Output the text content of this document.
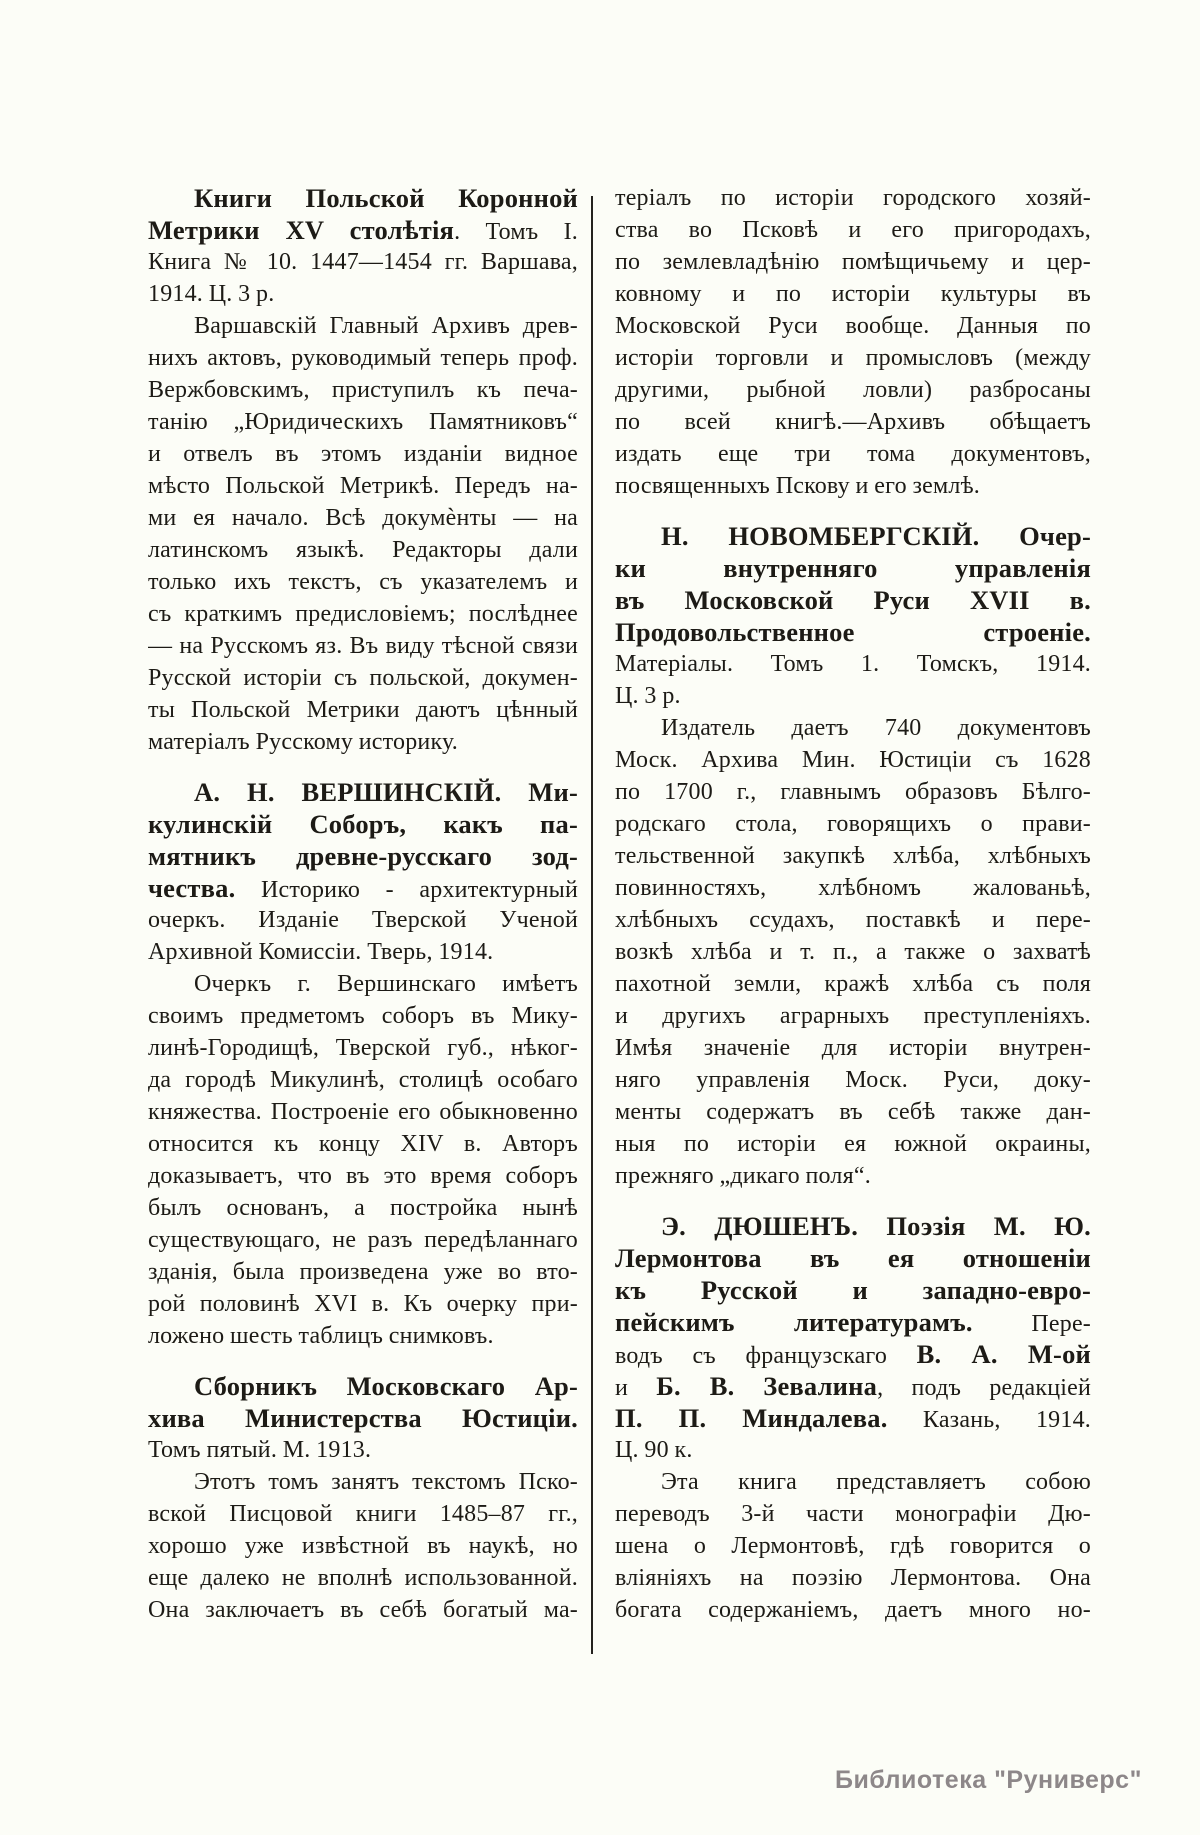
Книги Польской Коронной
Метрики XV столѣтія. Томъ I.
Книга № 10. 1447—1454 гг. Варшава,
1914. Ц. 3 р.
Варшавскій Главный Архивъ древ-
нихъ актовъ, руководимый теперь проф.
Вержбовскимъ, приступилъ къ печа-
танію „Юридическихъ Памятниковъ“
и отвелъ въ этомъ изданіи видное
мѣсто Польской Метрикѣ. Передъ на-
ми ея начало. Всѣ докумѐнты — на
латинскомъ языкѣ. Редакторы дали
только ихъ текстъ, съ указателемъ и
съ краткимъ предисловіемъ; послѣднее
— на Русскомъ яз. Въ виду тѣсной связи
Русской исторіи съ польской, докумен-
ты Польской Метрики даютъ цѣнный
матеріалъ Русскому историку.
А. Н. ВЕРШИНСКІЙ. Ми-
кулинскій Соборъ, какъ па-
мятникъ древне-русскаго зод-
чества. Историко - архитектурный
очеркъ. Изданіе Тверской Ученой
Архивной Комиссіи. Тверь, 1914.
Очеркъ г. Вершинскаго имѣетъ
своимъ предметомъ соборъ въ Мику-
линѣ-Городищѣ, Тверской губ., нѣког-
да городѣ Микулинѣ, столицѣ особаго
княжества. Построеніе его обыкновенно
относится къ концу XIV в. Авторъ
доказываетъ, что въ это время соборъ
былъ основанъ, а постройка нынѣ
существующаго, не разъ передѣланнаго
зданія, была произведена уже во вто-
рой половинѣ XVI в. Къ очерку при-
ложено шесть таблицъ снимковъ.
Сборникъ Московскаго Ар-
хива Министерства Юстиціи.
Томъ пятый. М. 1913.
Этотъ томъ занятъ текстомъ Пско-
вской Писцовой книги 1485–87 гг.,
хорошо уже извѣстной въ наукѣ, но
еще далеко не вполнѣ использованной.
Она заключаетъ въ себѣ богатый ма-
теріалъ по исторіи городского хозяй-
ства во Псковѣ и его пригородахъ,
по землевладѣнію помѣщичьему и цер-
ковному и по исторіи культуры въ
Московской Руси вообще. Данныя по
исторіи торговли и промысловъ (между
другими, рыбной ловли) разбросаны
по всей книгѣ.—Архивъ обѣщаетъ
издать еще три тома документовъ,
посвященныхъ Пскову и его землѣ.
Н. НОВОМБЕРГСКІЙ. Очер-
ки внутренняго управленія
въ Московской Руси XVII в.
Продовольственное строеніе.
Матеріалы. Томъ 1. Томскъ, 1914.
Ц. 3 р.
Издатель даетъ 740 документовъ
Моск. Архива Мин. Юстиціи съ 1628
по 1700 г., главнымъ образовъ Бѣлго-
родскаго стола, говорящихъ о прави-
тельственной закупкѣ хлѣба, хлѣбныхъ
повинностяхъ, хлѣбномъ жалованьѣ,
хлѣбныхъ ссудахъ, поставкѣ и пере-
возкѣ хлѣба и т. п., а также о захватѣ
пахотной земли, кражѣ хлѣба съ поля
и другихъ аграрныхъ преступленіяхъ.
Имѣя значеніе для исторіи внутрен-
няго управленія Моск. Руси, доку-
менты содержатъ въ себѣ также дан-
ныя по исторіи ея южной окраины,
прежняго „дикаго поля“.
Э. ДЮШЕНЪ. Поэзія М. Ю.
Лермонтова въ ея отношеніи
къ Русской и западно-евро-
пейскимъ литературамъ. Пере-
водъ съ французскаго В. А. М-ой
и Б. В. Зевалина, подъ редакціей
П. П. Миндалева. Казань, 1914.
Ц. 90 к.
Эта книга представляетъ собою
переводъ 3-й части монографіи Дю-
шена о Лермонтовѣ, гдѣ говорится о
вліяніяхъ на поэзію Лермонтова. Она
богата содержаніемъ, даетъ много но-
Библиотека "Руниверс"
